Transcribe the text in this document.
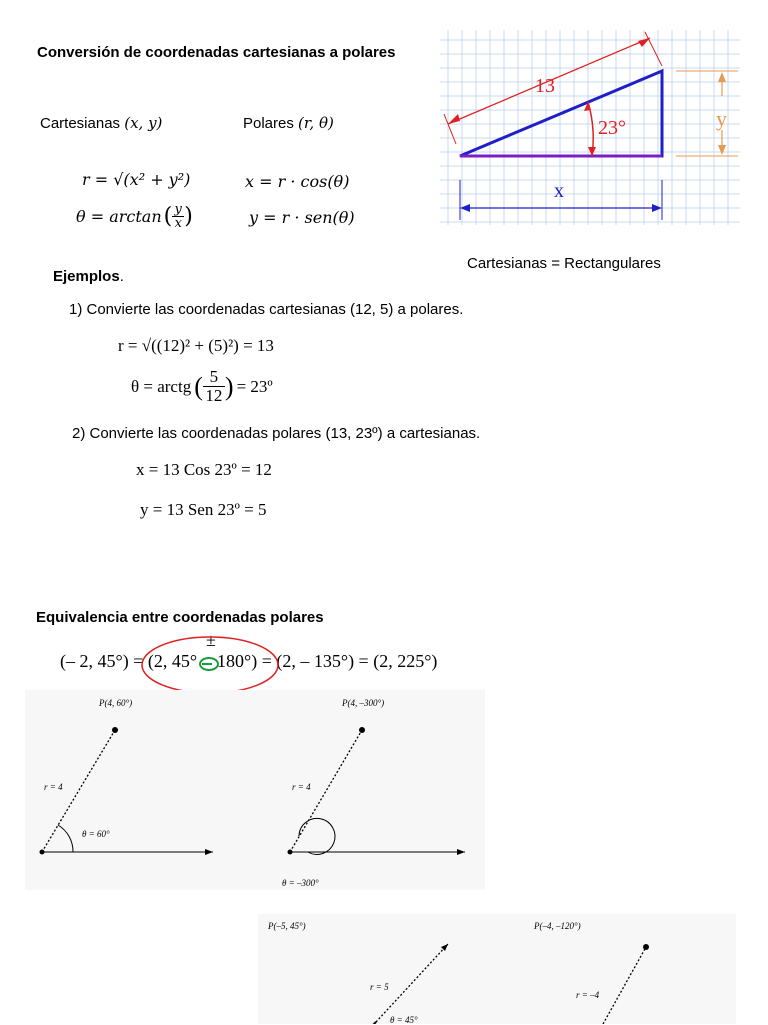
Conversión de coordenadas cartesianas a polares
Cartesianas (x, y)	Polares (r, θ)
r = √(x² + y²)	x = r · cos(θ)
θ = arctan ( y
x )	y = r · sen(θ)
13
23°	y
x
Cartesianas = Rectangulares
Ejemplos.
1) Convierte las coordenadas cartesianas (12, 5) a polares.
r = √((12)² + (5)²) = 13
θ = arctg ( 5
12 ) = 23º
2) Convierte las coordenadas polares (13, 23º) a cartesianas.
x = 13 Cos 23º = 12
y = 13 Sen 23º = 5
Equivalencia entre coordenadas polares
(– 2, 45°) = (2, 45° 180°) = (2, – 135°) = (2, 225°)
±
P(4, 60°)
r = 4
θ = 60°
P(4, –300°)
r = 4
θ = –300°
P(–5, 45°)
r = 5
θ = 45°
P(–4, –120°)
r = –4
